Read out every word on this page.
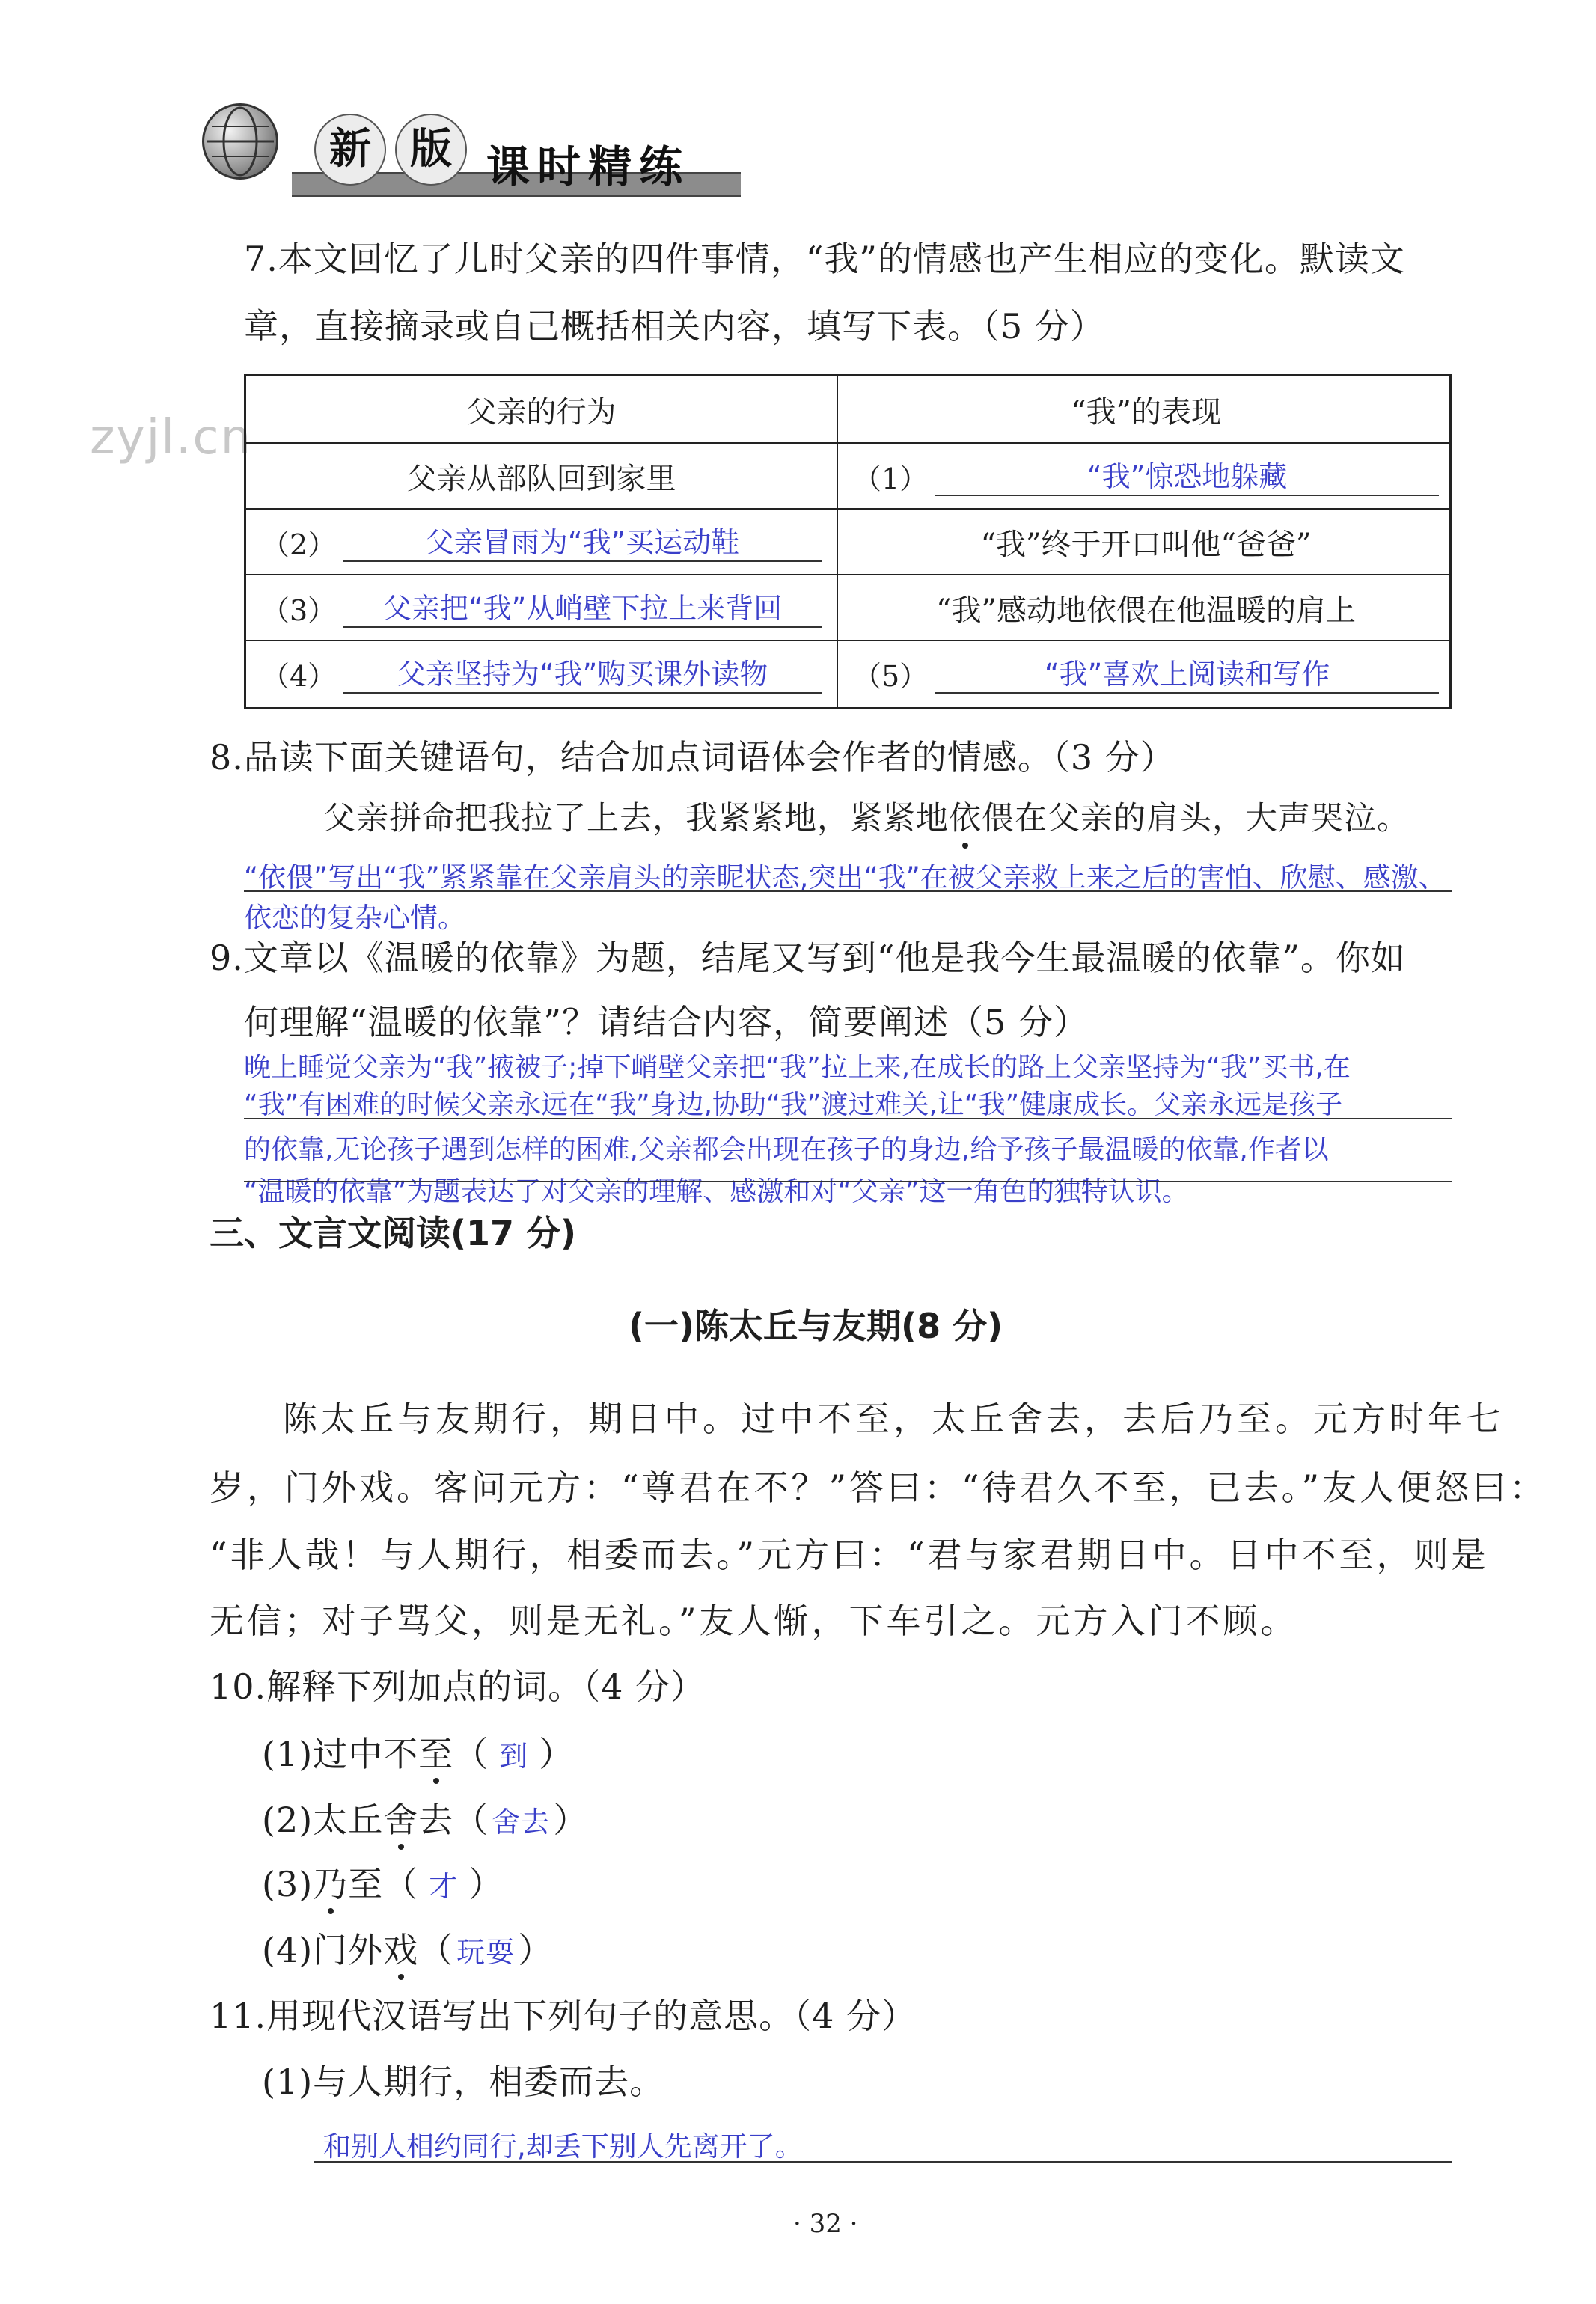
新 版 课时精练
zyjl.cn
7.本文回忆了儿时父亲的四件事情，“我”的情感也产生相应的变化。默读文
章，直接摘录或自己概括相关内容，填写下表。（5 分）
父亲的行为	“我”的表现
父亲从部队回到家里	（1）	“我”惊恐地躲藏
（2）	父亲冒雨为“我”买运动鞋	“我”终于开口叫他“爸爸”
（3）	父亲把“我”从峭壁下拉上来背回	“我”感动地依偎在他温暖的肩上
（4）	父亲坚持为“我”购买课外读物	（5）	“我”喜欢上阅读和写作
8.品读下面关键语句，结合加点词语体会作者的情感。（3 分）
父亲拼命把我拉了上去，我紧紧地，紧紧地依偎在父亲的肩头，大声哭泣。
“依偎”写出“我”紧紧靠在父亲肩头的亲昵状态,突出“我”在被父亲救上来之后的害怕、欣慰、感激、
依恋的复杂心情。
9.文章以《温暖的依靠》为题，结尾又写到“他是我今生最温暖的依靠”。你如
何理解“温暖的依靠”？请结合内容，简要阐述（5 分）
晚上睡觉父亲为“我”掖被子;掉下峭壁父亲把“我”拉上来,在成长的路上父亲坚持为“我”买书,在
“我”有困难的时候父亲永远在“我”身边,协助“我”渡过难关,让“我”健康成长。父亲永远是孩子
的依靠,无论孩子遇到怎样的困难,父亲都会出现在孩子的身边,给予孩子最温暖的依靠,作者以
“温暖的依靠”为题表达了对父亲的理解、感激和对“父亲”这一角色的独特认识。
三、文言文阅读(17 分)
(一)陈太丘与友期(8 分)
陈太丘与友期行，期日中。过中不至，太丘舍去，去后乃至。元方时年七
岁，门外戏。客问元方：“尊君在不？”答曰：“待君久不至，已去。”友人便怒曰：
“非人哉！与人期行，相委而去。”元方曰：“君与家君期日中。日中不至，则是
无信；对子骂父，则是无礼。”友人惭，下车引之。元方入门不顾。
10.解释下列加点的词。（4 分）
(1)过中不至（ 到 ）
(2)太丘舍去（ 舍去）
(3)乃至（ 才 ）
(4)门外戏（ 玩耍）
11.用现代汉语写出下列句子的意思。（4 分）
(1)与人期行，相委而去。
和别人相约同行,却丢下别人先离开了。
· 32 ·
